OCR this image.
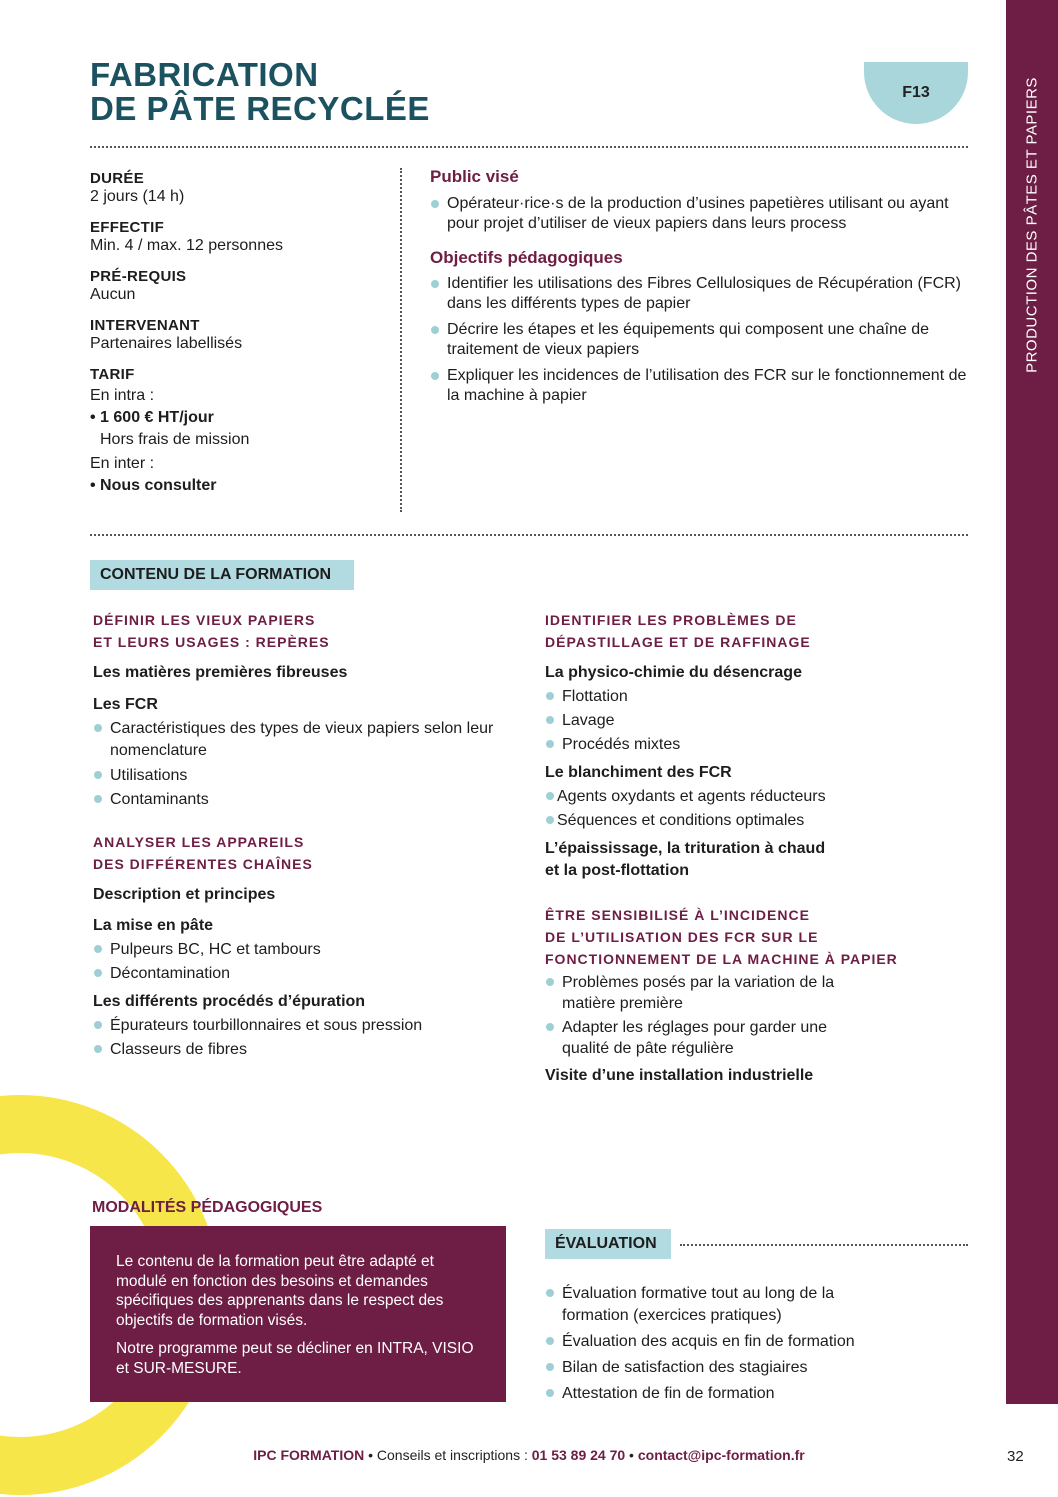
PRODUCTION DES PÂTES ET PAPIERS
FABRICATION
DE PÂTE RECYCLÉE	F13
DURÉE
2 jours (14 h)
EFFECTIF
Min. 4 / max. 12 personnes
PRÉ-REQUIS
Aucun
INTERVENANT
Partenaires labellisés
TARIF
En intra :
• 1 600 € HT/jour
Hors frais de mission
En inter :
• Nous consulter
Public visé
Opérateur·rice·s de la production d’usines papetières utilisant ou ayant pour projet d’utiliser de vieux papiers dans leurs process
Objectifs pédagogiques
Identifier les utilisations des Fibres Cellulosiques de Récupération (FCR) dans les différents types de papier
Décrire les étapes et les équipements qui composent une chaîne de traitement de vieux papiers
Expliquer les incidences de l’utilisation des FCR sur le fonctionnement de la machine à papier
CONTENU DE LA FORMATION
DÉFINIR LES VIEUX PAPIERS
ET LEURS USAGES : REPÈRES
Les matières premières fibreuses
Les FCR
Caractéristiques des types de vieux papiers selon leur nomenclature
Utilisations
Contaminants
ANALYSER LES APPAREILS
DES DIFFÉRENTES CHAÎNES
Description et principes
La mise en pâte
Pulpeurs BC, HC et tambours
Décontamination
Les différents procédés d’épuration
Épurateurs tourbillonnaires et sous pression
Classeurs de fibres
IDENTIFIER LES PROBLÈMES DE
DÉPASTILLAGE ET DE RAFFINAGE
La physico-chimie du désencrage
Flottation
Lavage
Procédés mixtes
Le blanchiment des FCR
Agents oxydants et agents réducteurs
Séquences et conditions optimales
L’épaississage, la trituration à chaud
et la post-flottation
ÊTRE SENSIBILISÉ À L’INCIDENCE
DE L’UTILISATION DES FCR SUR LE
FONCTIONNEMENT DE LA MACHINE À PAPIER
Problèmes posés par la variation de la matière première
Adapter les réglages pour garder une qualité de pâte régulière
Visite d’une installation industrielle
MODALITÉS PÉDAGOGIQUES

Le contenu de la formation peut être adapté et modulé en fonction des besoins et demandes spécifiques des apprenants dans le respect des objectifs de formation visés.

Notre programme peut se décliner en INTRA, VISIO et SUR-MESURE.

ÉVALUATION
Évaluation formative tout au long de la formation (exercices pratiques)
Évaluation des acquis en fin de formation
Bilan de satisfaction des stagiaires
Attestation de fin de formation
IPC FORMATION • Conseils et inscriptions : 01 53 89 24 70 • contact@ipc-formation.fr	32
